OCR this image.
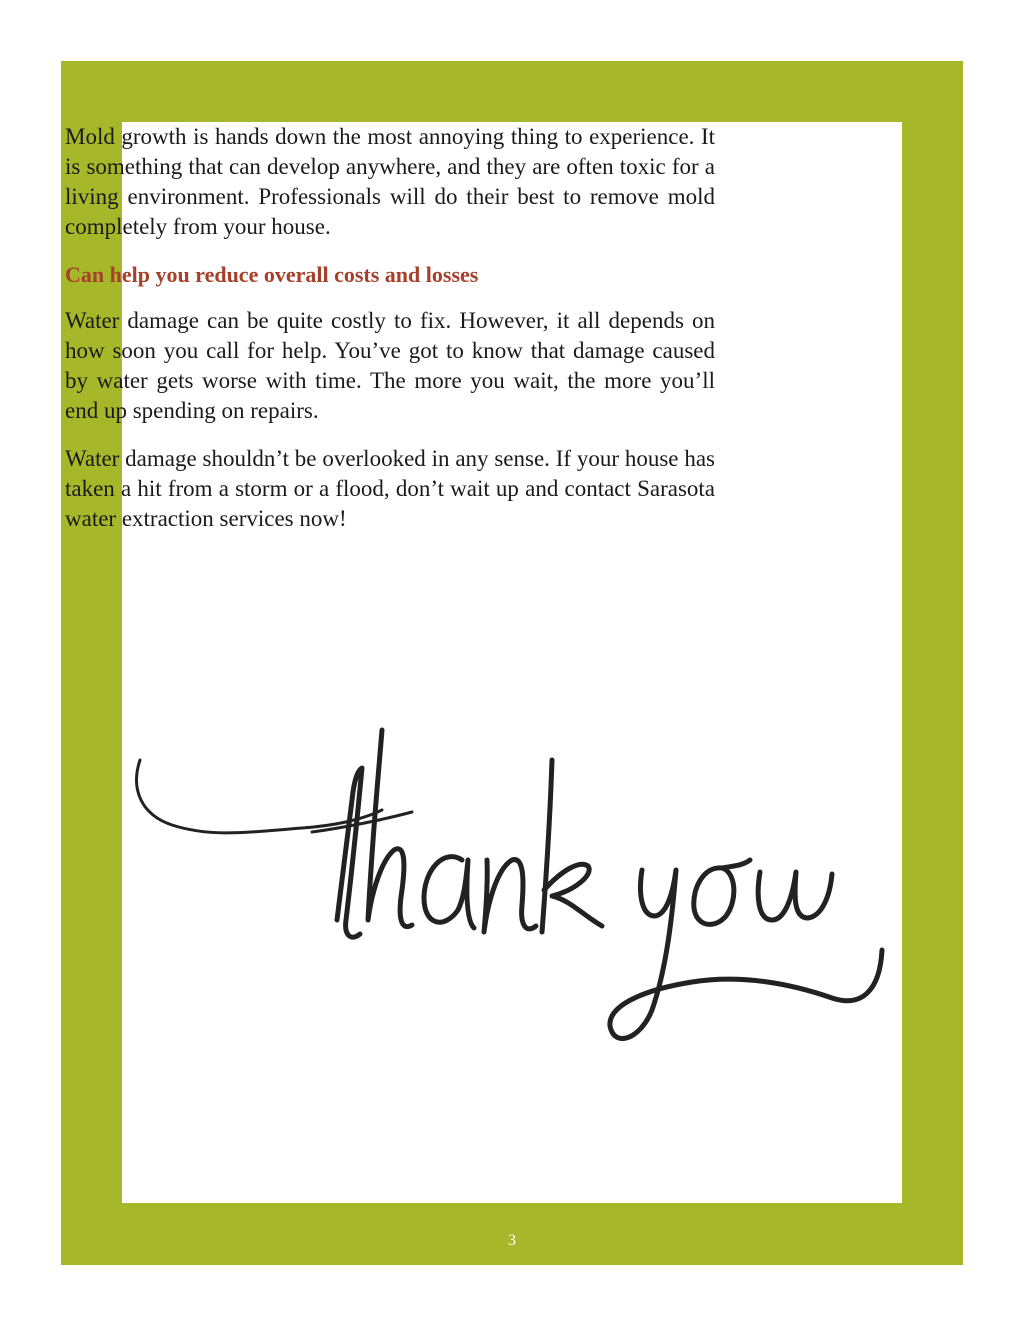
3

Mold growth is hands down the most annoying thing to experience. It is something that can develop anywhere, and they are often toxic for a living environment. Professionals will do their best to remove mold completely from your house.

Can help you reduce overall costs and losses

Water damage can be quite costly to fix. However, it all depends on how soon you call for help. You’ve got to know that damage caused by water gets worse with time. The more you wait, the more you’ll end up spending on repairs.

Water damage shouldn’t be overlooked in any sense. If your house has taken a hit from a storm or a flood, don’t wait up and contact Sarasota water extraction services now!
